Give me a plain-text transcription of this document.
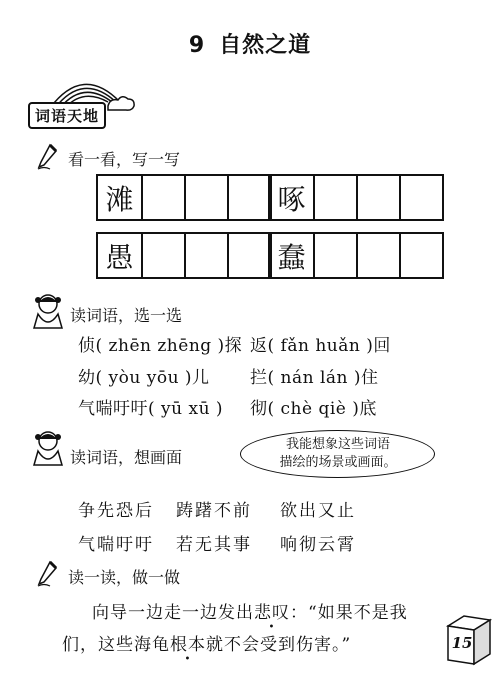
9 自然之道
词语天地
看一看，写一写
滩	啄
愚	蠢
读词语，选一选
侦( zhēn zhēng )探 返( fǎn huǎn )回
幼( yòu yōu )儿 拦( nán lán )住
气喘吁吁( yū xū ) 彻( chè qiè )底
读词语，想画面
我能想象这些词语
描绘的场景或画面。
争先恐后 踌躇不前 欲出又止
气喘吁吁 若无其事 响彻云霄
读一读，做一做
向导一边走一边发出悲叹：“如果不是我
们，这些海龟根本就不会受到伤害。”	15
